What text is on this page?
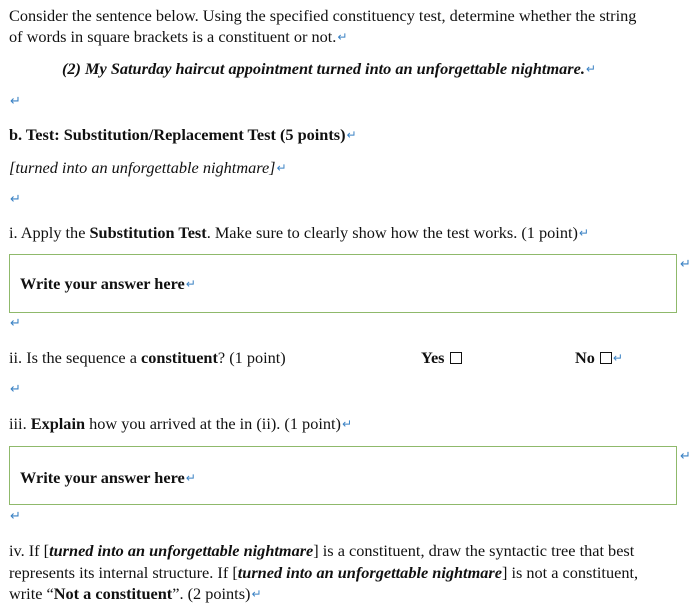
Consider the sentence below. Using the specified constituency test, determine whether the string
of words in square brackets is a constituent or not.↵
(2) My Saturday haircut appointment turned into an unforgettable nightmare.↵
↵
b. Test: Substitution/Replacement Test (5 points)↵
[turned into an unforgettable nightmare]↵
↵
i. Apply the Substitution Test. Make sure to clearly show how the test works. (1 point)↵
Write your answer here↵
↵
↵
ii. Is the sequence a constituent? (1 point)	Yes	No ↵
↵
iii. Explain how you arrived at the in (ii). (1 point)↵
Write your answer here↵
↵
↵
iv. If [turned into an unforgettable nightmare] is a constituent, draw the syntactic tree that best
represents its internal structure. If [turned into an unforgettable nightmare] is not a constituent,
write “Not a constituent”. (2 points)↵
